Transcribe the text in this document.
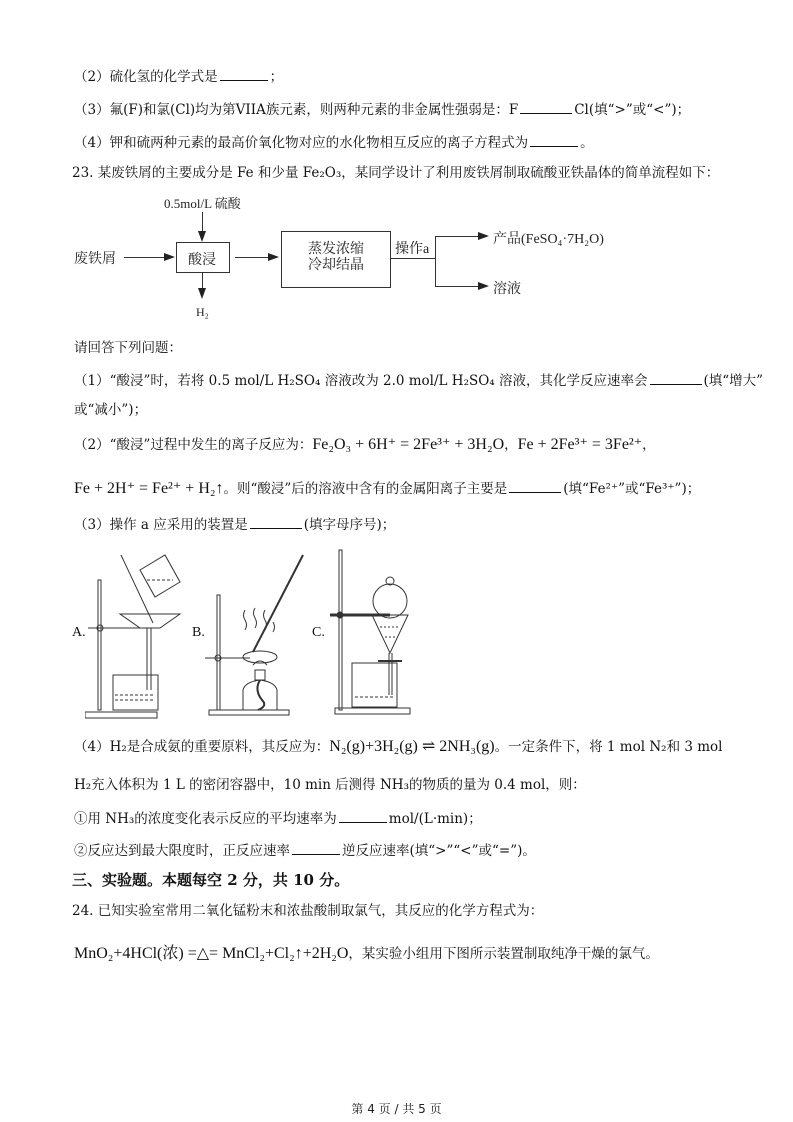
（2）硫化氢的化学式是	；
（3）氟(F)和氯(Cl)均为第VIIA族元素，则两种元素的非金属性强弱是：F	Cl(填“>”或“<”)；
（4）钾和硫两种元素的最高价氧化物对应的水化物相互反应的离子方程式为	。
23. 某废铁屑的主要成分是 Fe 和少量 Fe₂O₃，某同学设计了利用废铁屑制取硫酸亚铁晶体的简单流程如下：
0.5mol/L 硫酸
废铁屑	酸浸
H₂
蒸发浓缩
冷却结晶
操作a
产品(FeSO₄·7H₂O)
溶液
请回答下列问题：
（1）“酸浸”时，若将 0.5 mol/L H₂SO₄ 溶液改为 2.0 mol/L H₂SO₄ 溶液，其化学反应速率会	(填“增大”
或“减小”)；
（2）“酸浸”过程中发生的离子反应为：Fe₂O₃ + 6H⁺ = 2Fe³⁺ + 3H₂O，Fe + 2Fe³⁺ = 3Fe²⁺，
Fe + 2H⁺ = Fe²⁺ + H₂↑。则“酸浸”后的溶液中含有的金属阳离子主要是	(填“Fe²⁺”或“Fe³⁺”)；
（3）操作 a 应采用的装置是	(填字母序号)；
A.	B.	C.
（4）H₂是合成氨的重要原料，其反应为：N₂(g)+3H₂(g) ⇌ 2NH₃(g)。一定条件下，将 1 mol N₂和 3 mol
H₂充入体积为 1 L 的密闭容器中，10 min 后测得 NH₃的物质的量为 0.4 mol，则：
①用 NH₃的浓度变化表示反应的平均速率为	mol/(L·min)；
②反应达到最大限度时，正反应速率	逆反应速率(填“>”“<”或“=”)。
三、实验题。本题每空 2 分，共 10 分。
24. 已知实验室常用二氧化锰粉末和浓盐酸制取氯气，其反应的化学方程式为：
MnO₂+4HCl(浓) =△= MnCl₂+Cl₂↑+2H₂O，某实验小组用下图所示装置制取纯净干燥的氯气。
第 4 页 / 共 5 页
